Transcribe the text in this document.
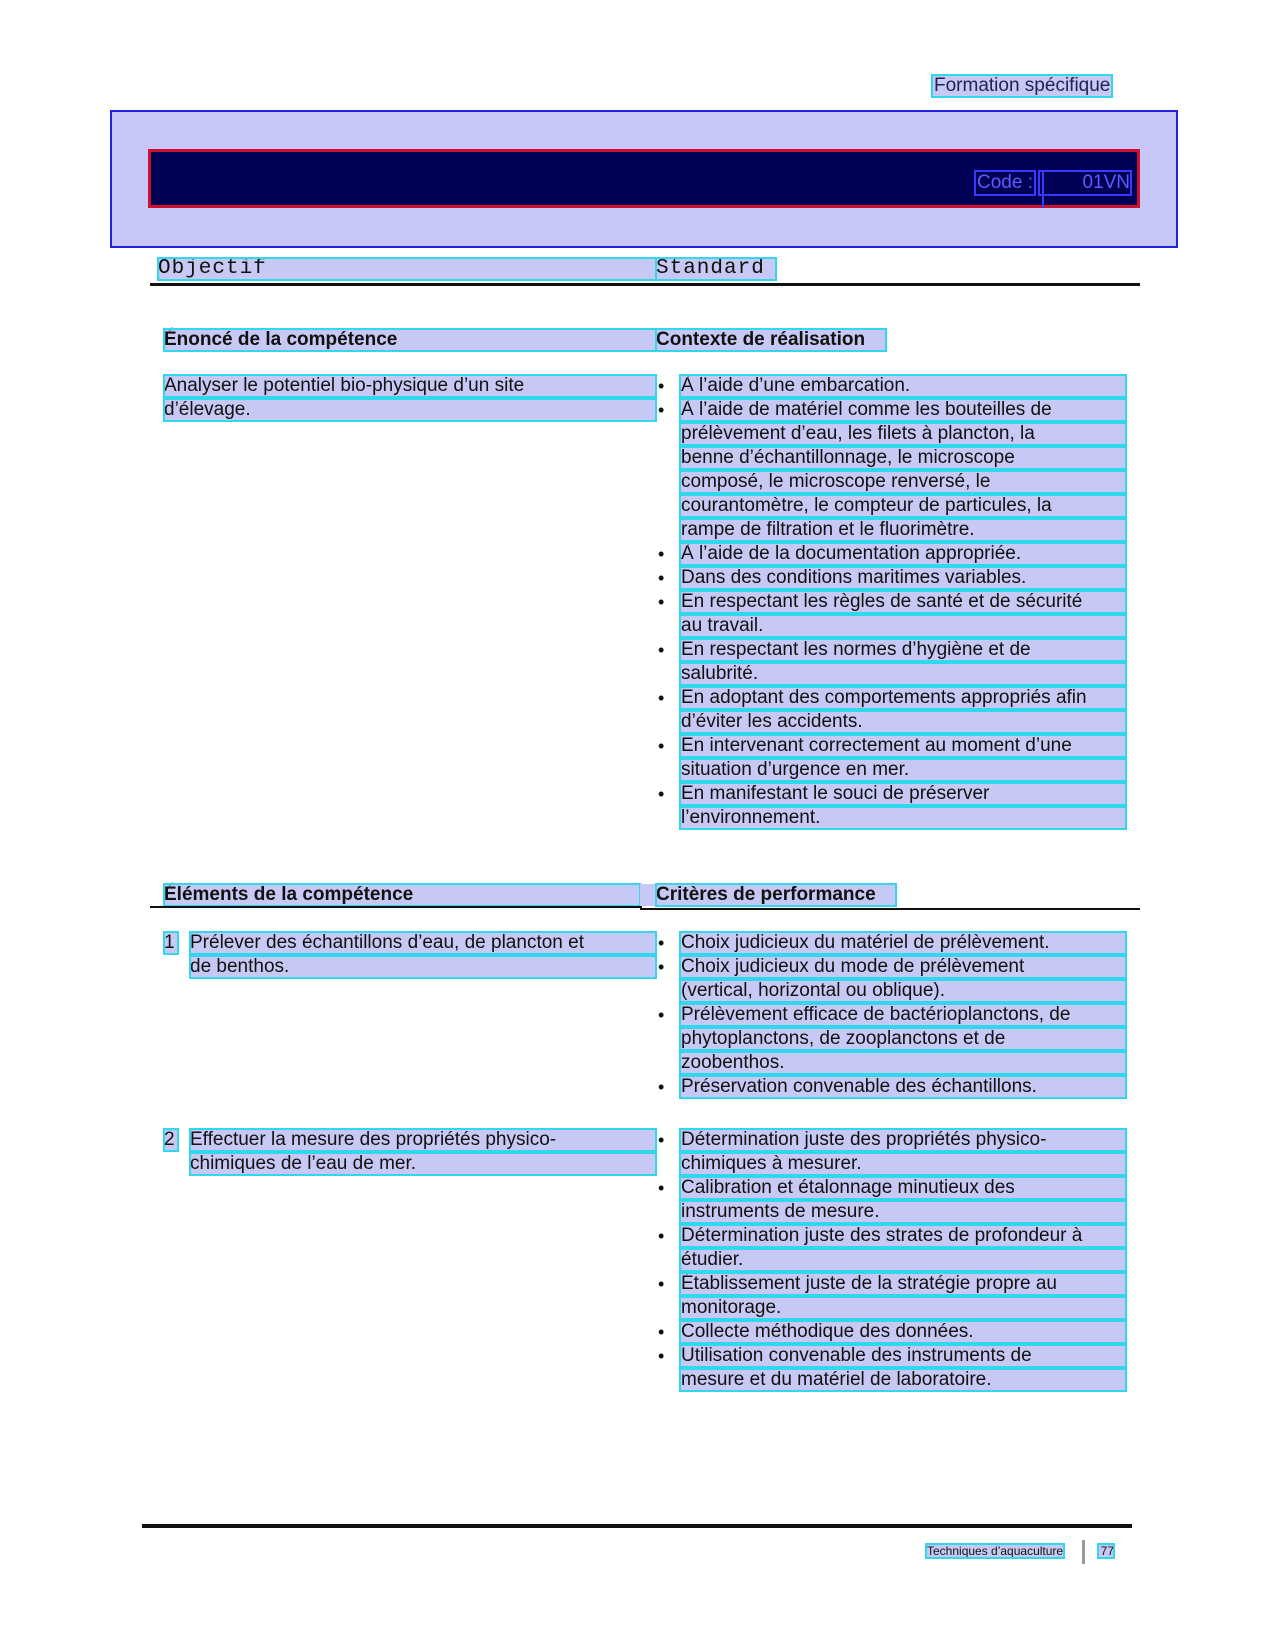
Formation spécifique
Code :	01VN
Objectif	Standard
Énoncé de la compétence	Contexte de réalisation
Analyser le potentiel bio-physique d’un site
d’élevage.
• À l’aide d’une embarcation.
• À l’aide de matériel comme les bouteilles de
prélèvement d’eau, les filets à plancton, la
benne d’échantillonnage, le microscope
composé, le microscope renversé, le
courantomètre, le compteur de particules, la
rampe de filtration et le fluorimètre.
• À l’aide de la documentation appropriée.
• Dans des conditions maritimes variables.
• En respectant les règles de santé et de sécurité
au travail.
• En respectant les normes d’hygiène et de
salubrité.
• En adoptant des comportements appropriés afin
d’éviter les accidents.
• En intervenant correctement au moment d’une
situation d’urgence en mer.
• En manifestant le souci de préserver
l’environnement.
Éléments de la compétence	Critères de performance
1 Prélever des échantillons d’eau, de plancton et
de benthos.
• Choix judicieux du matériel de prélèvement.
• Choix judicieux du mode de prélèvement
(vertical, horizontal ou oblique).
• Prélèvement efficace de bactérioplanctons, de
phytoplanctons, de zooplanctons et de
zoobenthos.
• Préservation convenable des échantillons.
2 Effectuer la mesure des propriétés physico-
chimiques de l’eau de mer.
• Détermination juste des propriétés physico-
chimiques à mesurer.
• Calibration et étalonnage minutieux des
instruments de mesure.
• Détermination juste des strates de profondeur à
étudier.
• Établissement juste de la stratégie propre au
monitorage.
• Collecte méthodique des données.
• Utilisation convenable des instruments de
mesure et du matériel de laboratoire.
Techniques d’aquaculture	77
